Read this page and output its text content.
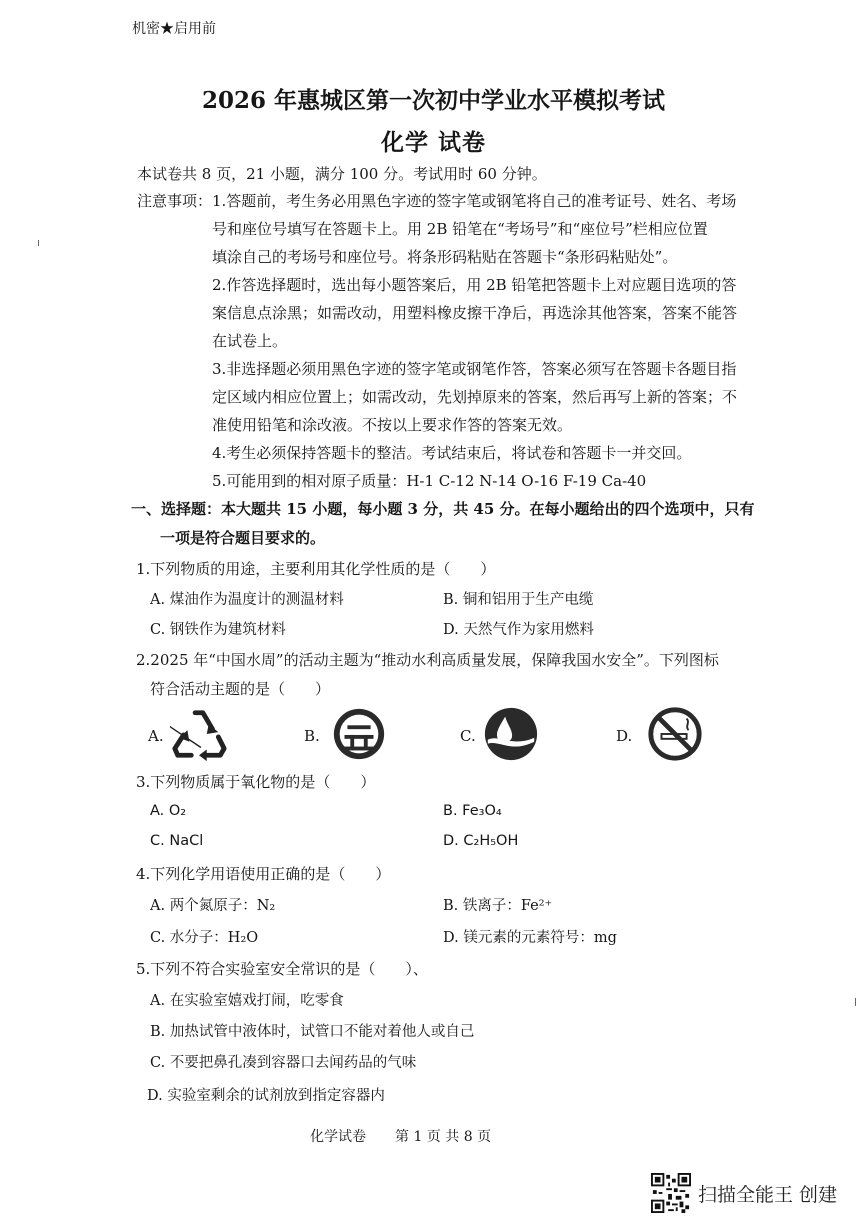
机密★启用前
2026 年惠城区第一次初中学业水平模拟考试
化学 试卷
本试卷共 8 页，21 小题，满分 100 分。考试用时 60 分钟。
注意事项： 1.答题前，考生务必用黑色字迹的签字笔或钢笔将自己的准考证号、姓名、考场
号和座位号填写在答题卡上。用 2B 铅笔在“考场号”和“座位号”栏相应位置
填涂自己的考场号和座位号。将条形码粘贴在答题卡“条形码粘贴处”。
2.作答选择题时，选出每小题答案后，用 2B 铅笔把答题卡上对应题目选项的答
案信息点涂黑；如需改动，用塑料橡皮擦干净后，再选涂其他答案，答案不能答
在试卷上。
3.非选择题必须用黑色字迹的签字笔或钢笔作答，答案必须写在答题卡各题目指
定区域内相应位置上；如需改动，先划掉原来的答案，然后再写上新的答案；不
准使用铅笔和涂改液。不按以上要求作答的答案无效。
4.考生必须保持答题卡的整洁。考试结束后，将试卷和答题卡一并交回。
5.可能用到的相对原子质量：H-1 C-12 N-14 O-16 F-19 Ca-40
一、选择题：本大题共 15 小题，每小题 3 分，共 45 分。在每小题给出的四个选项中，只有
一项是符合题目要求的。
1.下列物质的用途，主要利用其化学性质的是（　　）
A. 煤油作为温度计的测温材料	B. 铜和铝用于生产电缆
C. 钢铁作为建筑材料	D. 天然气作为家用燃料
2.2025 年“中国水周”的活动主题为“推动水利高质量发展，保障我国水安全”。下列图标
符合活动主题的是（　　）
A.	B.	C.	D.
3.下列物质属于氧化物的是（　　）
A. O₂	B. Fe₃O₄
C. NaCl	D. C₂H₅OH
4.下列化学用语使用正确的是（　　）
A. 两个氮原子：N₂	B. 铁离子：Fe²⁺
C. 水分子：H₂O	D. 镁元素的元素符号：mg
5.下列不符合实验室安全常识的是（　　）、
A. 在实验室嬉戏打闹，吃零食
B. 加热试管中液体时，试管口不能对着他人或自己
C. 不要把鼻孔凑到容器口去闻药品的气味
D. 实验室剩余的试剂放到指定容器内
化学试卷 第 1 页 共 8 页
扫描全能王 创建
